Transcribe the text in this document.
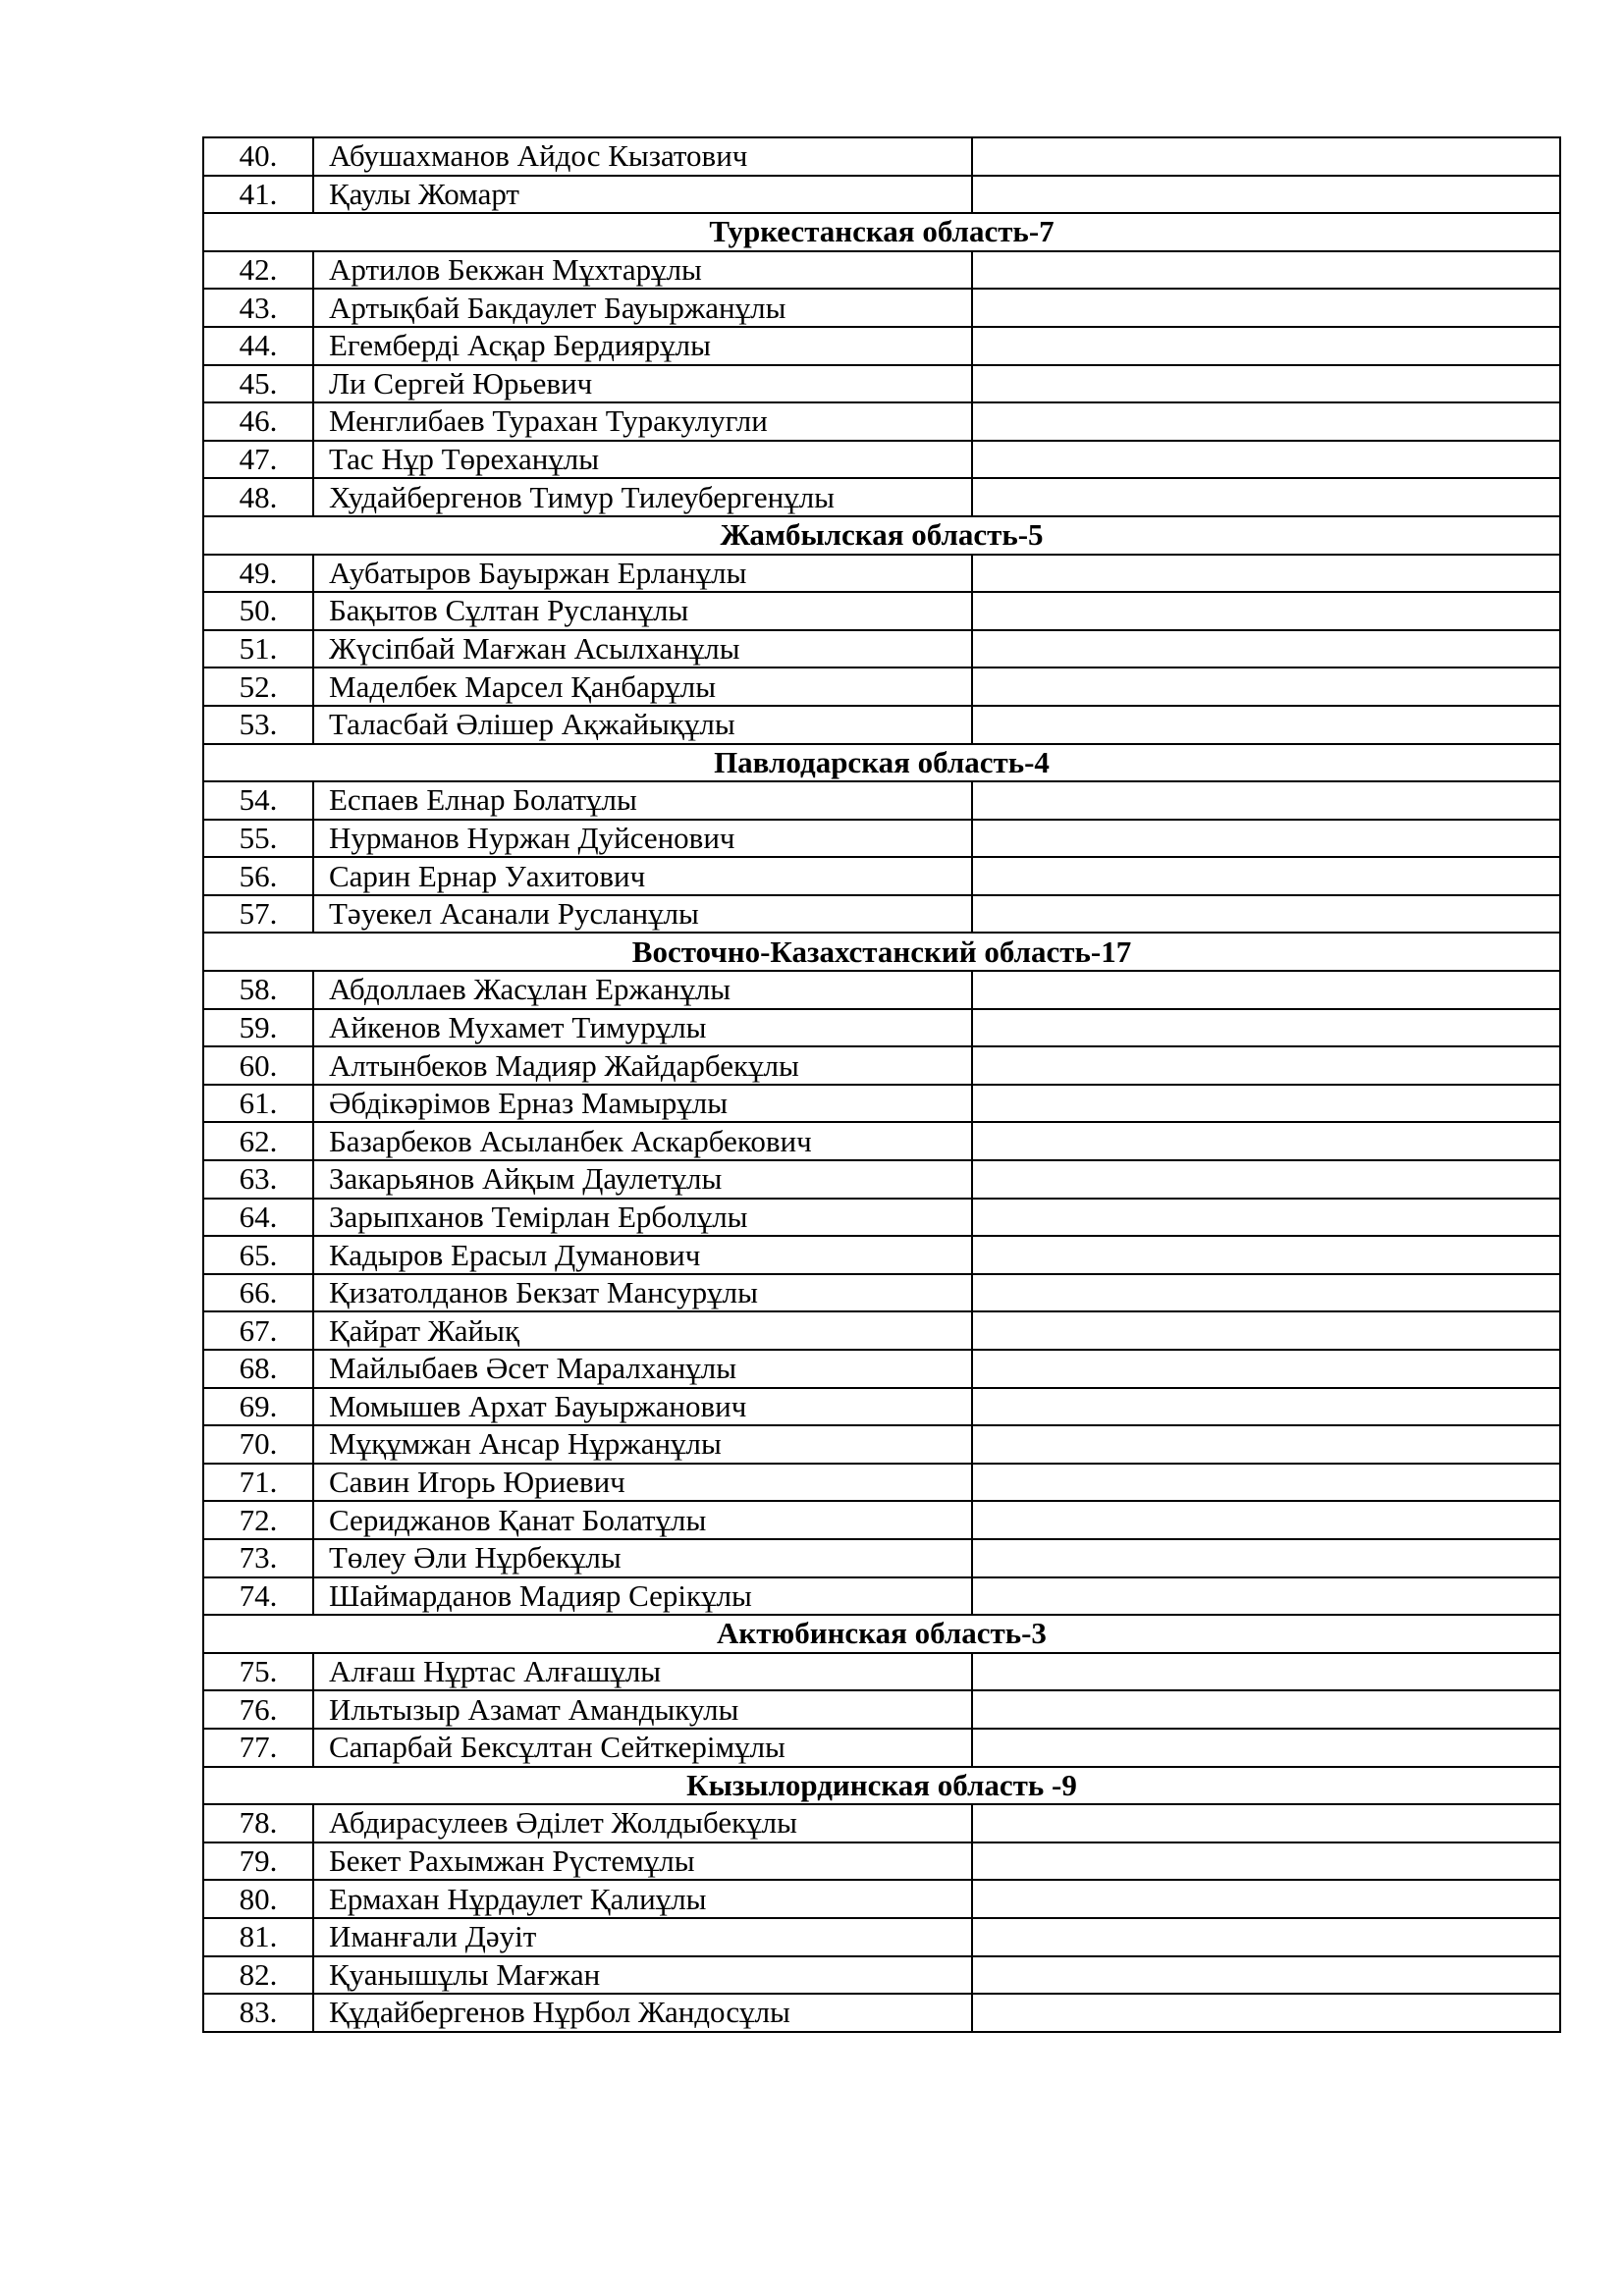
40.	Абушахманов Айдос Кызатович	
41.	Қаулы Жомарт	
Туркестанская область-7		
42.	Артилов Бекжан Мұхтарұлы	
43.	Артықбай Бакдаулет Бауыржанұлы	
44.	Егемберді Асқар Бердиярұлы	
45.	Ли Сергей Юрьевич	
46.	Менглибаев Турахан Туракулугли	
47.	Тас Нұр Төреханұлы	
48.	Худайбергенов Тимур Тилеубергенұлы	
Жамбылская область-5		
49.	Аубатыров Бауыржан Ерланұлы	
50.	Бақытов Сұлтан Русланұлы	
51.	Жүсіпбай Мағжан Асылханұлы	
52.	Маделбек Марсел Қанбарұлы	
53.	Таласбай Әлішер Ақжайықұлы	
Павлодарская область-4		
54.	Еспаев Елнар Болатұлы	
55.	Нурманов Нуржан Дуйсенович	
56.	Сарин Ернар Уахитович	
57.	Тәуекел Асанали Русланұлы	
Восточно-Казахстанский область-17		
58.	Абдоллаев Жасұлан Ержанұлы	
59.	Айкенов Мухамет Тимурұлы	
60.	Алтынбеков Мадияр Жайдарбекұлы	
61.	Әбдікәрімов Ерназ Мамырұлы	
62.	Базарбеков Асыланбек Аскарбекович	
63.	Закарьянов Айқым Даулетұлы	
64.	Зарыпханов Темірлан Ерболұлы	
65.	Кадыров Ерасыл Думанович	
66.	Қизатолданов Бекзат Мансурұлы	
67.	Қайрат Жайық	
68.	Майлыбаев Әсет Маралханұлы	
69.	Момышев Архат Бауыржанович	
70.	Мұқұмжан Ансар Нұржанұлы	
71.	Савин Игорь Юриевич	
72.	Сериджанов Қанат Болатұлы	
73.	Төлеу Әли Нұрбекұлы	
74.	Шаймарданов Мадияр Серікұлы	
Актюбинская область-3		
75.	Алғаш Нұртас Алғашұлы	
76.	Ильтызыр Азамат Амандыкулы	
77.	Сапарбай Бексұлтан Сейткерімұлы	
Кызылординская область -9		
78.	Абдирасулеев Әділет Жолдыбекұлы	
79.	Бекет Рахымжан Рүстемұлы	
80.	Ермахан Нұрдаулет Қалиұлы	
81.	Иманғали Дәуіт	
82.	Қуанышұлы Мағжан	
83.	Құдайбергенов Нұрбол Жандосұлы	
